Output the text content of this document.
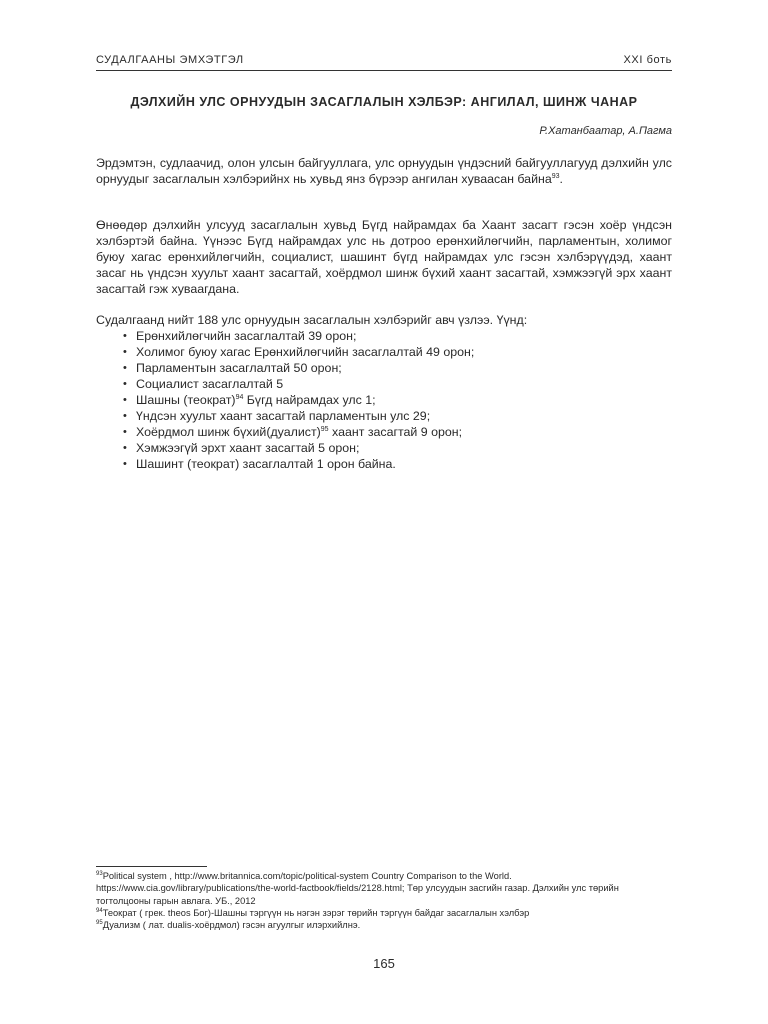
СУДАЛГААНЫ ЭМХЭТГЭЛ	XXI боть
ДЭЛХИЙН УЛС ОРНУУДЫН ЗАСАГЛАЛЫН ХЭЛБЭР: АНГИЛАЛ, ШИНЖ ЧАНАР
Р.Хатанбаатар, А.Пагма
Эрдэмтэн, судлаачид, олон улсын байгууллага, улс орнуудын үндэсний байгууллагууд дэлхийн улс орнуудыг засаглалын хэлбэрийнх нь хувьд янз бүрээр ангилан хуваасан байна$^{93}$.
Өнөөдөр дэлхийн улсууд засаглалын хувьд Бүгд найрамдах ба Хаант засагт гэсэн хоёр үндсэн хэлбэртэй байна. Үүнээс Бүгд найрамдах улс нь дотроо ерөнхийлөгчийн, парламентын, холимог буюу хагас ерөнхийлөгчийн, социалист, шашинт бүгд найрамдах улс гэсэн хэлбэрүүдэд, хаант засаг нь үндсэн хуульт хаант засагтай, хоёрдмол шинж бүхий хаант засагтай, хэмжээгүй эрх хаант засагтай гэж хуваагдана.
Судалгаанд нийт 188 улс орнуудын засаглалын хэлбэрийг авч үзлээ. Үүнд:
• Ерөнхийлөгчийн засаглалтай 39 орон;
• Холимог буюу хагас Ерөнхийлөгчийн засаглалтай 49 орон;
• Парламентын засаглалтай 50 орон;
• Социалист засаглалтай 5
• Шашны (теократ)$^{94}$ Бүгд найрамдах улс 1;
• Үндсэн хуульт хаант засагтай парламентын улс 29;
• Хоёрдмол шинж бүхий(дуалист)$^{95}$ хаант засагтай 9 орон;
• Хэмжээгүй эрхт хаант засагтай 5 орон;
• Шашинт (теократ) засаглалтай 1 орон байна.

$^{93}$Political system , http://www.britannica.com/topic/political-system Country Comparison to the World. https://www.cia.gov/library/publications/the-world-factbook/fields/2128.html; Төр улсуудын засгийн газар. Дэлхийн улс төрийн тогтолцооны гарын авлага. УБ., 2012

$^{94}$Теократ ( грек. theos Бог)-Шашны тэргүүн нь нэгэн зэрэг төрийн тэргүүн байдаг засаглалын хэлбэр

$^{95}$Дуализм ( лат. dualis-хоёрдмол) гэсэн агуулгыг илэрхийлнэ.

165
